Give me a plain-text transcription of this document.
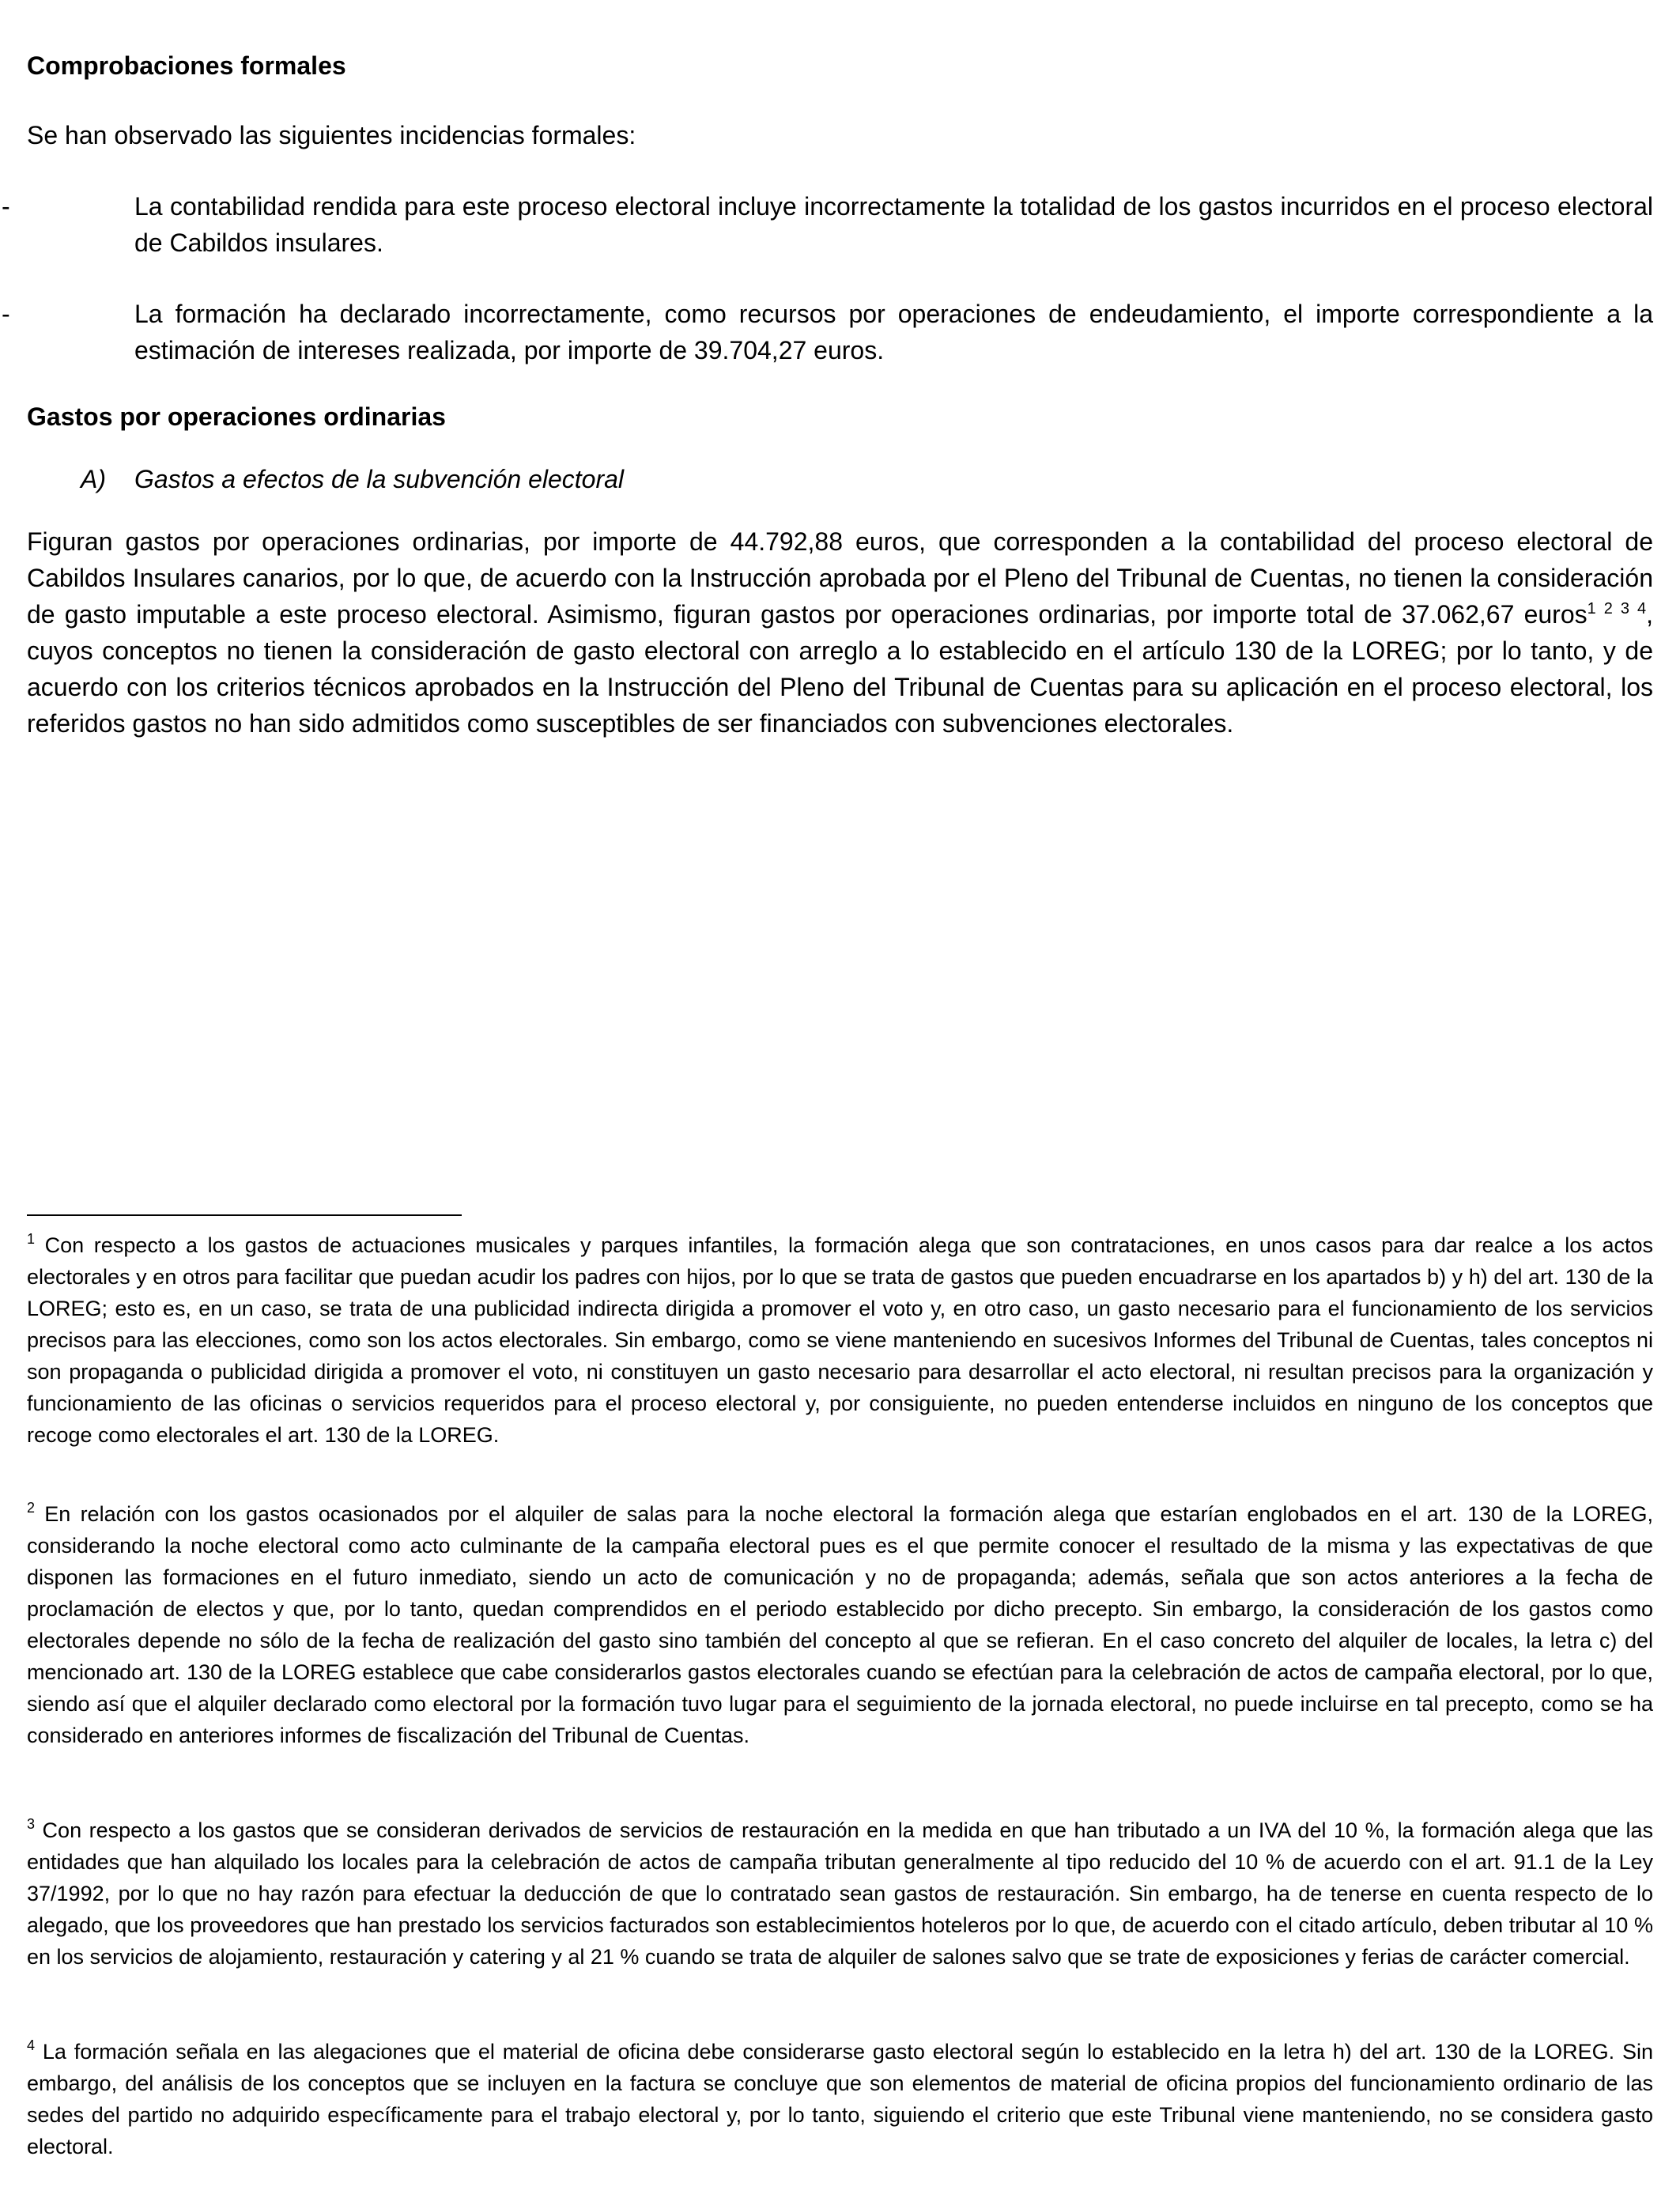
Comprobaciones formales

Se han observado las siguientes incidencias formales:

-	La contabilidad rendida para este proceso electoral incluye incorrectamente la totalidad de los gastos incurridos en el proceso electoral de Cabildos insulares.
-	La formación ha declarado incorrectamente, como recursos por operaciones de endeudamiento, el importe correspondiente a la estimación de intereses realizada, por importe de 39.704,27 euros.

Gastos por operaciones ordinarias

A) Gastos a efectos de la subvención electoral

Figuran gastos por operaciones ordinarias, por importe de 44.792,88 euros, que corresponden a la contabilidad del proceso electoral de Cabildos Insulares canarios, por lo que, de acuerdo con la Instrucción aprobada por el Pleno del Tribunal de Cuentas, no tienen la consideración de gasto imputable a este proceso electoral. Asimismo, figuran gastos por operaciones ordinarias, por importe total de 37.062,67 euros$^1$ $^2$ $^3$ $^4$, cuyos conceptos no tienen la consideración de gasto electoral con arreglo a lo establecido en el artículo 130 de la LOREG; por lo tanto, y de acuerdo con los criterios técnicos aprobados en la Instrucción del Pleno del Tribunal de Cuentas para su aplicación en el proceso electoral, los referidos gastos no han sido admitidos como susceptibles de ser financiados con subvenciones electorales.

$^1$ Con respecto a los gastos de actuaciones musicales y parques infantiles, la formación alega que son contrataciones, en unos casos para dar realce a los actos electorales y en otros para facilitar que puedan acudir los padres con hijos, por lo que se trata de gastos que pueden encuadrarse en los apartados b) y h) del art. 130 de la LOREG; esto es, en un caso, se trata de una publicidad indirecta dirigida a promover el voto y, en otro caso, un gasto necesario para el funcionamiento de los servicios precisos para las elecciones, como son los actos electorales. Sin embargo, como se viene manteniendo en sucesivos Informes del Tribunal de Cuentas, tales conceptos ni son propaganda o publicidad dirigida a promover el voto, ni constituyen un gasto necesario para desarrollar el acto electoral, ni resultan precisos para la organización y funcionamiento de las oficinas o servicios requeridos para el proceso electoral y, por consiguiente, no pueden entenderse incluidos en ninguno de los conceptos que recoge como electorales el art. 130 de la LOREG.

$^2$ En relación con los gastos ocasionados por el alquiler de salas para la noche electoral la formación alega que estarían englobados en el art. 130 de la LOREG, considerando la noche electoral como acto culminante de la campaña electoral pues es el que permite conocer el resultado de la misma y las expectativas de que disponen las formaciones en el futuro inmediato, siendo un acto de comunicación y no de propaganda; además, señala que son actos anteriores a la fecha de proclamación de electos y que, por lo tanto, quedan comprendidos en el periodo establecido por dicho precepto. Sin embargo, la consideración de los gastos como electorales depende no sólo de la fecha de realización del gasto sino también del concepto al que se refieran. En el caso concreto del alquiler de locales, la letra c) del mencionado art. 130 de la LOREG establece que cabe considerarlos gastos electorales cuando se efectúan para la celebración de actos de campaña electoral, por lo que, siendo así que el alquiler declarado como electoral por la formación tuvo lugar para el seguimiento de la jornada electoral, no puede incluirse en tal precepto, como se ha considerado en anteriores informes de fiscalización del Tribunal de Cuentas.

$^3$ Con respecto a los gastos que se consideran derivados de servicios de restauración en la medida en que han tributado a un IVA del 10 %, la formación alega que las entidades que han alquilado los locales para la celebración de actos de campaña tributan generalmente al tipo reducido del 10 % de acuerdo con el art. 91.1 de la Ley 37/1992, por lo que no hay razón para efectuar la deducción de que lo contratado sean gastos de restauración. Sin embargo, ha de tenerse en cuenta respecto de lo alegado, que los proveedores que han prestado los servicios facturados son establecimientos hoteleros por lo que, de acuerdo con el citado artículo, deben tributar al 10 % en los servicios de alojamiento, restauración y catering y al 21 % cuando se trata de alquiler de salones salvo que se trate de exposiciones y ferias de carácter comercial.

$^4$ La formación señala en las alegaciones que el material de oficina debe considerarse gasto electoral según lo establecido en la letra h) del art. 130 de la LOREG. Sin embargo, del análisis de los conceptos que se incluyen en la factura se concluye que son elementos de material de oficina propios del funcionamiento ordinario de las sedes del partido no adquirido específicamente para el trabajo electoral y, por lo tanto, siguiendo el criterio que este Tribunal viene manteniendo, no se considera gasto electoral.
